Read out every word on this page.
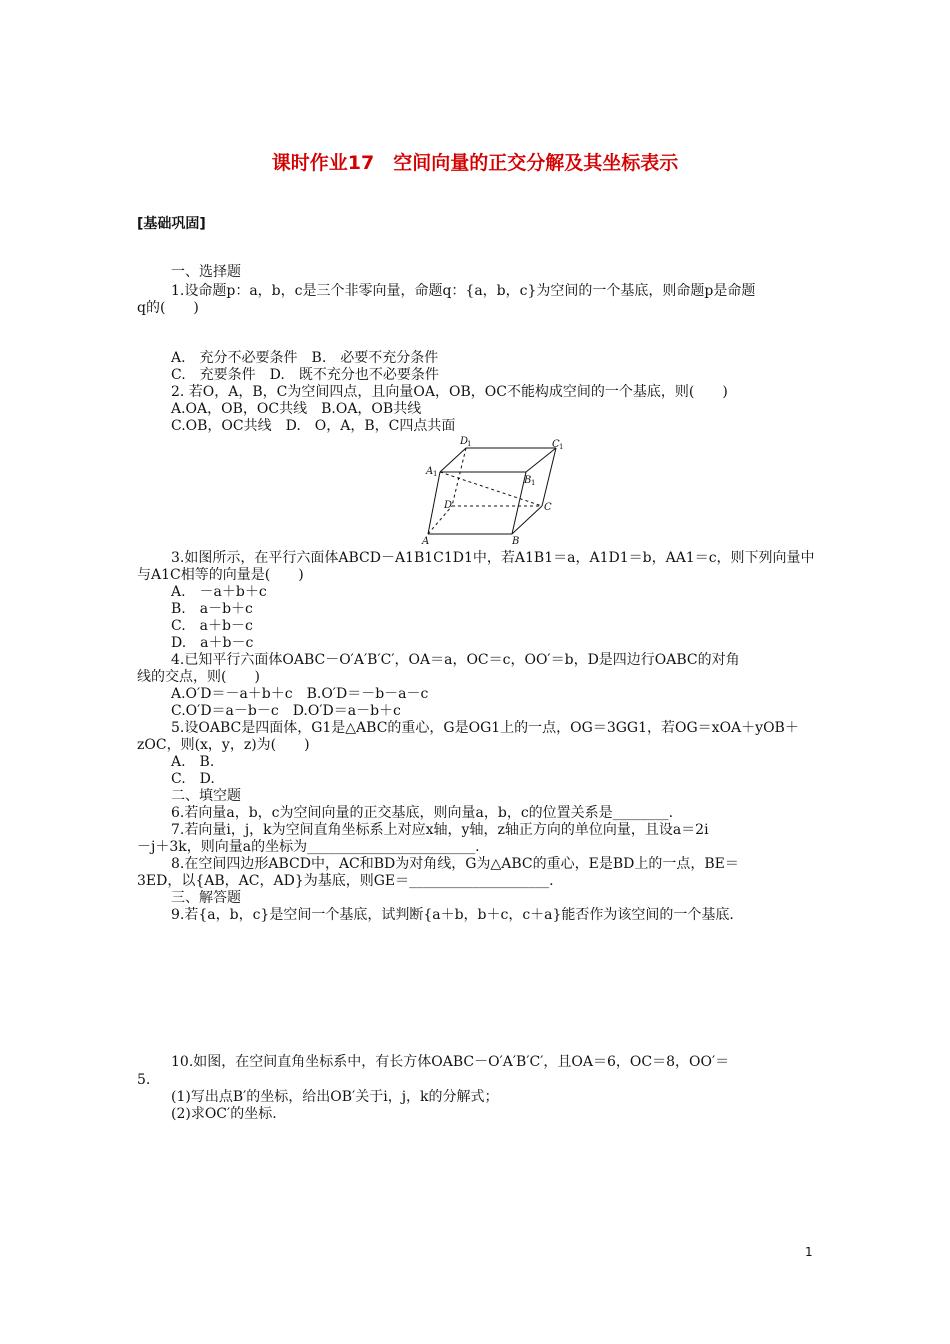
课时作业17　空间向量的正交分解及其坐标表示
[基础巩固]
一、选择题
1.设命题p：a，b，c是三个非零向量，命题q：{a，b，c}为空间的一个基底，则命题p是命题
q的(　　)
A.　充分不必要条件　B.　必要不充分条件
C.　充要条件　D.　既不充分也不必要条件
2. 若O，A，B，C为空间四点，且向量OA，OB，OC不能构成空间的一个基底，则(　　)
A.OA，OB，OC共线　B.OA，OB共线
C.OB，OC共线　D.　O，A，B，C四点共面
D
1	C 1
A 1
B 1
D	C
A	B
3.如图所示，在平行六面体ABCD－A1B1C1D1中，若A1B1＝a，A1D1＝b，AA1＝c，则下列向量中
与A1C相等的向量是(　　)
A.　－a＋b＋c
B.　a－b＋c
C.　a＋b－c
D.　a＋b－c
4.已知平行六面体OABC－O′A′B′C′，OA＝a，OC＝c，OO′＝b，D是四边行OABC的对角
线的交点，则(　　)
A.O′D＝－a＋b＋c　B.O′D＝－b－a－c
C.O′D＝a－b－c　D.O′D＝a－b＋c
5.设OABC是四面体，G1是△ABC的重心，G是OG1上的一点，OG＝3GG1，若OG＝xOA＋yOB＋
zOC，则(x，y，z)为(　　)
A.　B.
C.　D.
二、填空题
6.若向量a，b，c为空间向量的正交基底，则向量a，b，c的位置关系是________.
7.若向量i，j，k为空间直角坐标系上对应x轴，y轴，z轴正方向的单位向量，且设a＝2i
－j＋3k，则向量a的坐标为________________________.
8.在空间四边形ABCD中，AC和BD为对角线，G为△ABC的重心，E是BD上的一点，BE＝
3ED，以{AB，AC，AD}为基底，则GE＝____________________.
三、解答题
9.若{a，b，c}是空间一个基底，试判断{a＋b，b＋c，c＋a}能否作为该空间的一个基底.
10.如图，在空间直角坐标系中，有长方体OABC－O′A′B′C′，且OA＝6，OC＝8，OO′＝
5.
(1)写出点B′的坐标，给出OB′关于i，j，k的分解式；
(2)求OC′的坐标.
1
